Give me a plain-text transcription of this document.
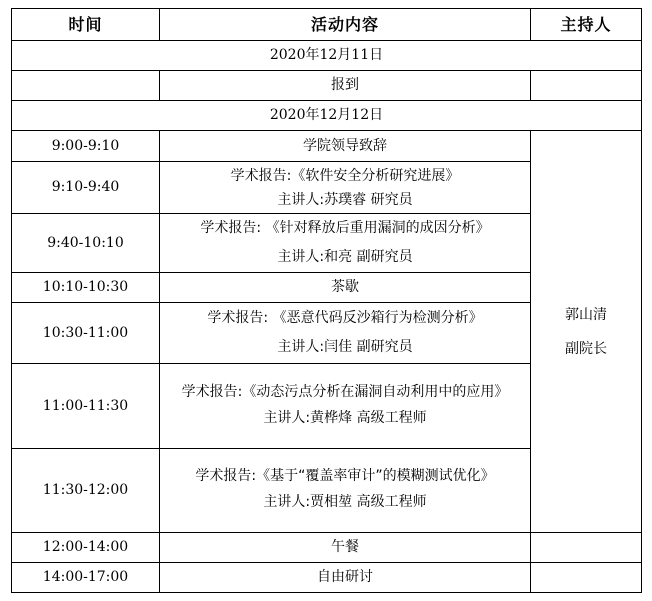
时间	活动内容	主持人
2020年12月11日		
	报到	
2020年12月12日		
9:00-9:10	学院领导致辞	郭山清
副院长

9:10-9:40	学术报告:《软件安全分析研究进展》
主讲人:苏璞睿 研究员	

9:40-10:10	学术报告: 《针对释放后重用漏洞的成因分析》
主讲人:和亮 副研究员	

10:10-10:30	茶歇	
10:30-11:00	学术报告: 《恶意代码反沙箱行为检测分析》
主讲人:闫佳 副研究员	

11:00-11:30	学术报告:《动态污点分析在漏洞自动利用中的应用》
主讲人:黄桦烽 高级工程师	

11:30-12:00	学术报告:《基于“覆盖率审计”的模糊测试优化》
主讲人:贾相堃 高级工程师	

12:00-14:00	午餐	
14:00-17:00	自由研讨	
